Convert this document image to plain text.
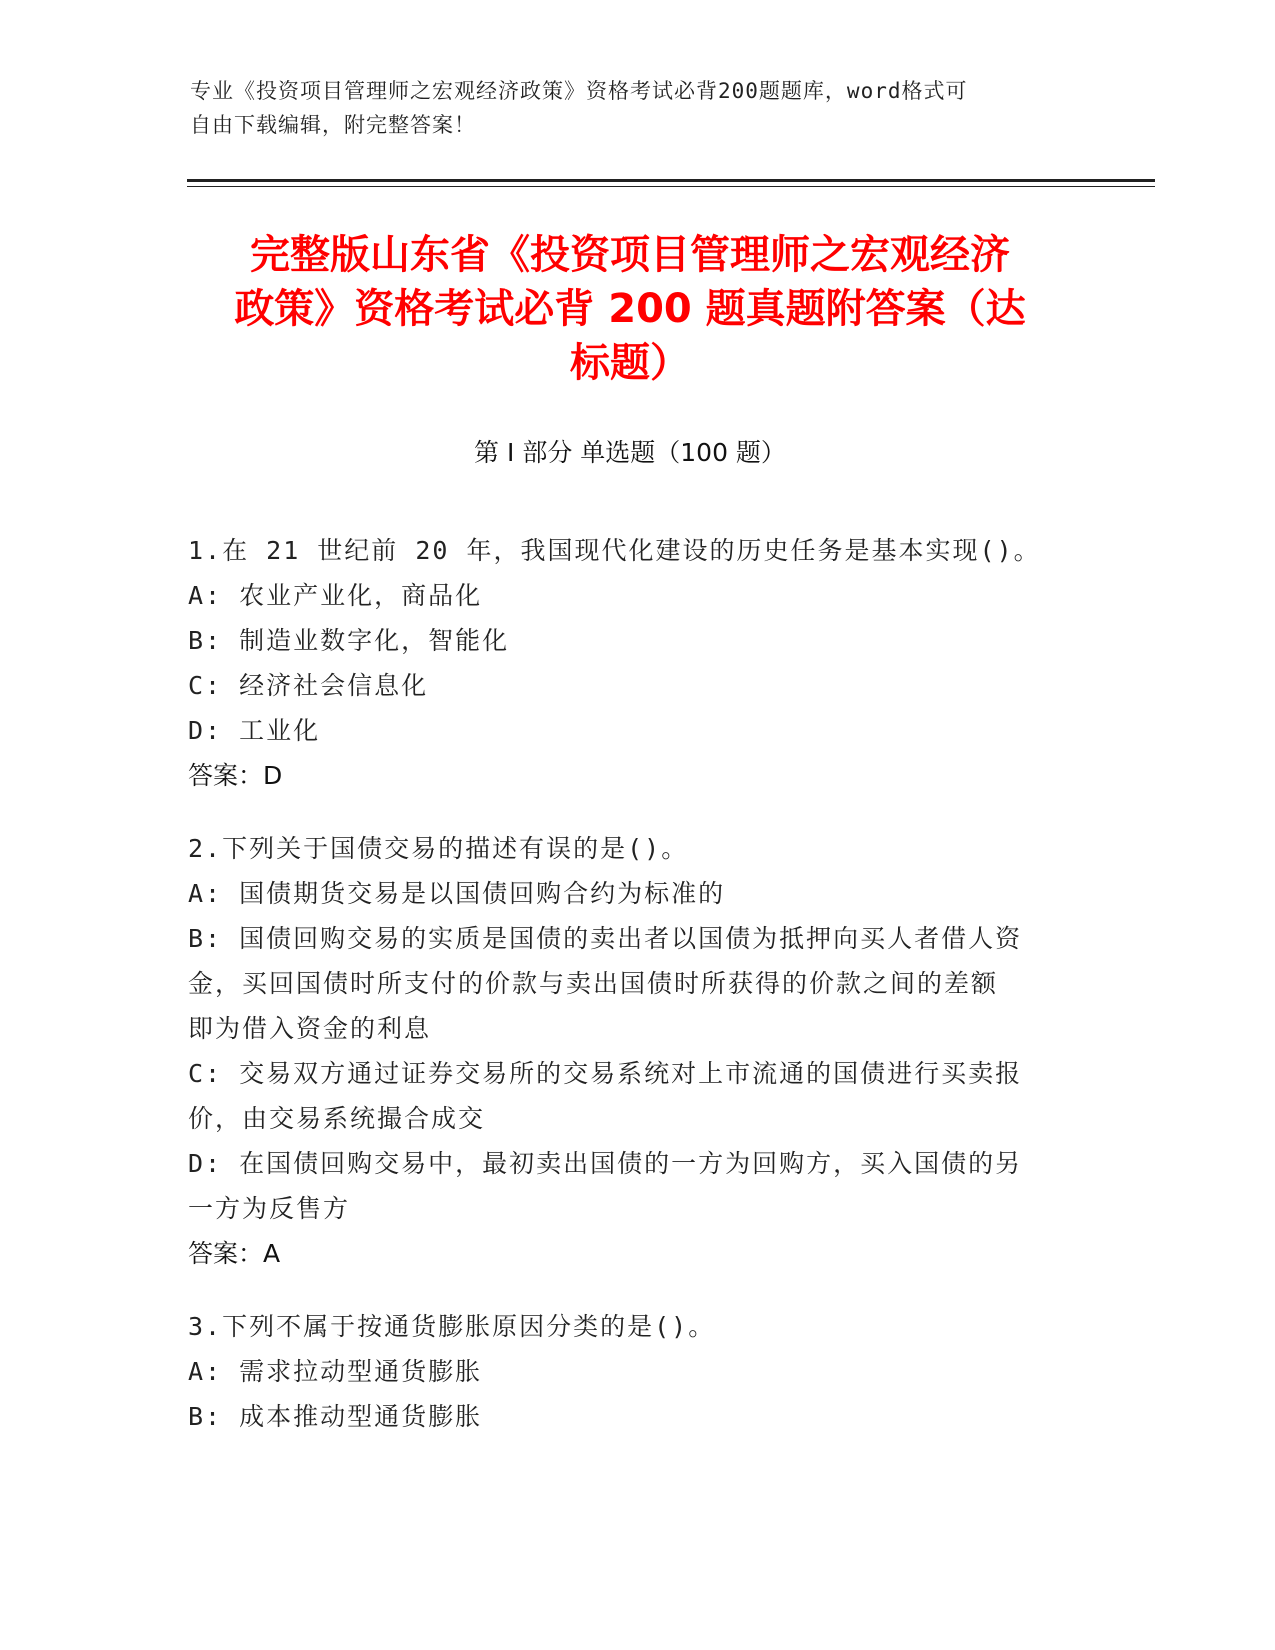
专业《投资项目管理师之宏观经济政策》资格考试必背200题题库，word格式可
自由下载编辑，附完整答案！
完整版山东省《投资项目管理师之宏观经济
政策》资格考试必背 200 题真题附答案（达
标题）
第 I 部分 单选题（100 题）
1.在 21 世纪前 20 年，我国现代化建设的历史任务是基本实现()。
A: 农业产业化，商品化
B: 制造业数字化，智能化
C: 经济社会信息化
D: 工业化
答案：D
2.下列关于国债交易的描述有误的是()。
A: 国债期货交易是以国债回购合约为标准的
B: 国债回购交易的实质是国债的卖出者以国债为抵押向买人者借人资
金，买回国债时所支付的价款与卖出国债时所获得的价款之间的差额
即为借入资金的利息
C: 交易双方通过证券交易所的交易系统对上市流通的国债进行买卖报
价，由交易系统撮合成交
D: 在国债回购交易中，最初卖出国债的一方为回购方，买入国债的另
一方为反售方
答案：A
3.下列不属于按通货膨胀原因分类的是()。
A: 需求拉动型通货膨胀
B: 成本推动型通货膨胀
